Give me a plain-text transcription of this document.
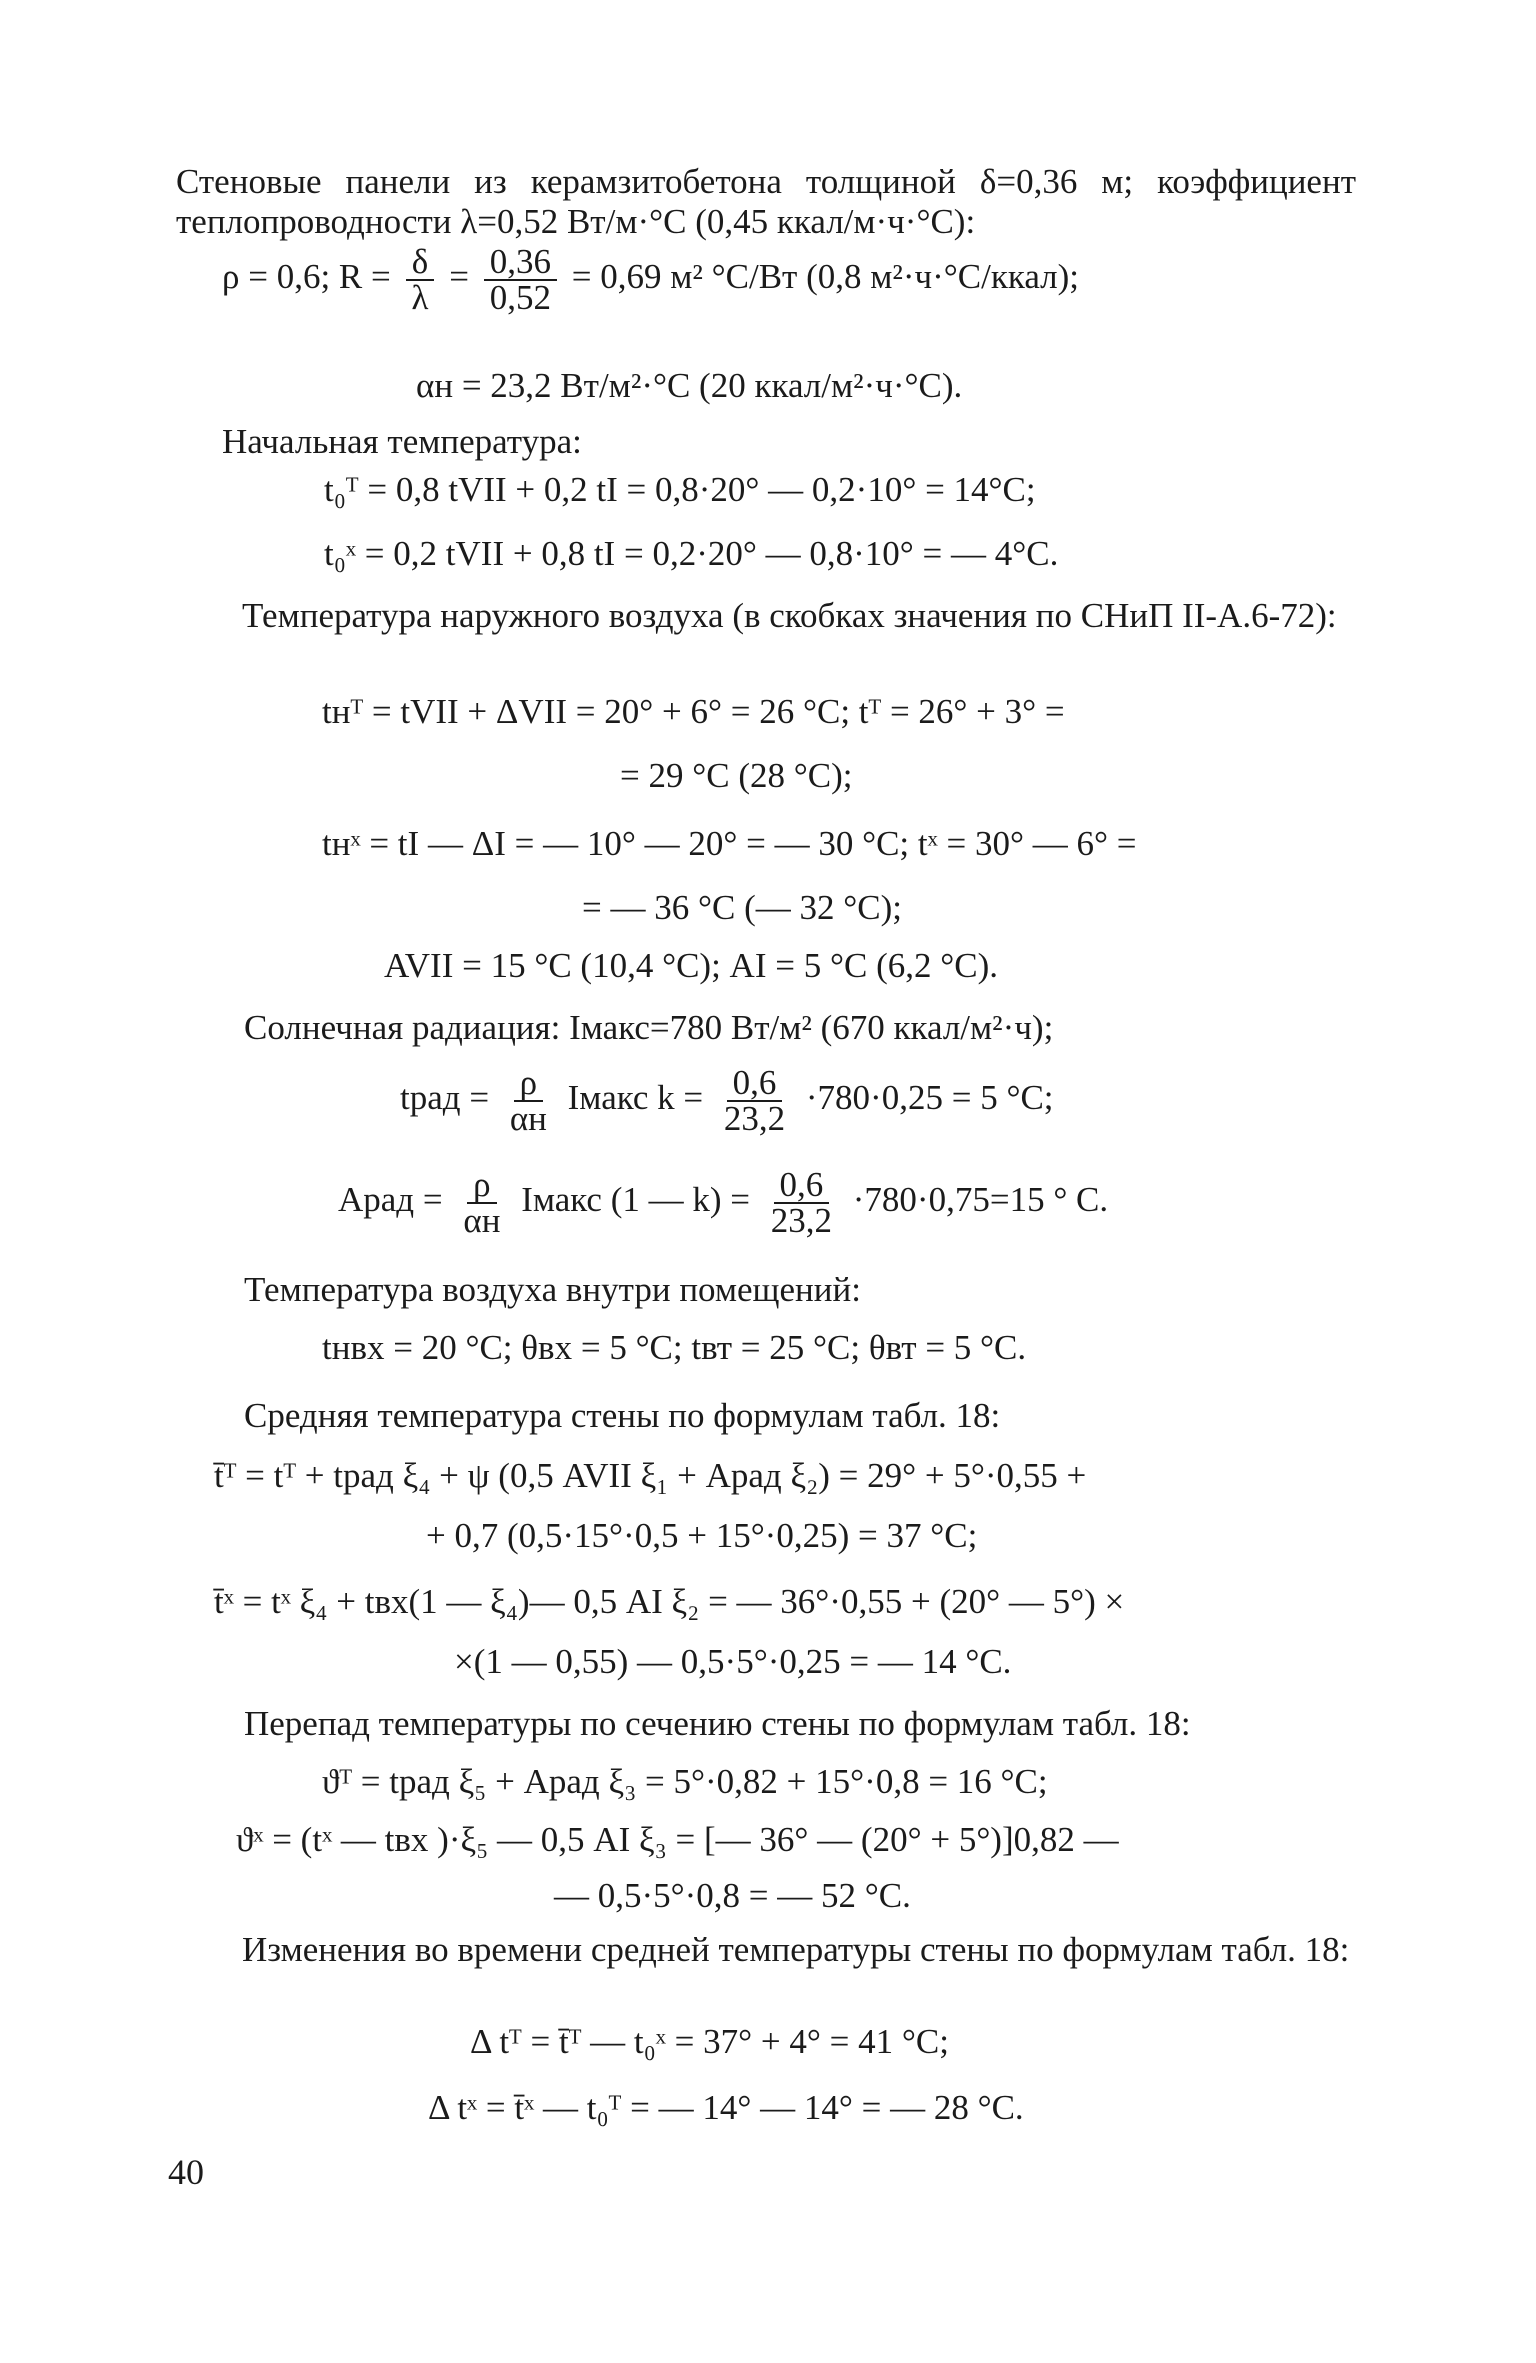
Стеновые панели из керамзитобетона толщиной δ=0,36 м; коэффициент теплопроводности λ=0,52 Вт/м·°С (0,45 ккал/м·ч·°С):

ρ = 0,6; $R = \frac{\delta}{\lambda} = \frac{0,36}{0,52} = 0,69$ м² °С/Вт (0,8 м²·ч·°С/ккал);
αн = 23,2 Вт/м²·°С (20 ккал/м²·ч·°С).
Начальная температура:
t₀ᵀ = 0,8 tVII + 0,2 tI = 0,8·20° — 0,2·10° = 14°С;
t₀ˣ = 0,2 tVII + 0,8 tI = 0,2·20° — 0,8·10° = — 4°С.

Температура наружного воздуха (в скобках значения по СНиП II-А.6-72):

tнᵀ = tVII + ΔVII = 20° + 6° = 26 °С; tᵀ = 26° + 3° =
= 29 °С (28 °С);
tнˣ = tI — ΔI = — 10° — 20° = — 30 °С; tˣ = 30° — 6° =
= — 36 °С (— 32 °С);
AVII = 15 °С (10,4 °С); AI = 5 °С (6,2 °С).
Солнечная радиация: Iмакс=780 Вт/м² (670 ккал/м²·ч);
tрад = $\frac{\rho}{\alpha н}$ Iмакс $k = \frac{0,6}{23,2} \cdot 780\cdot 0,25 = 5$ °С;
Aрад = $\frac{\rho}{\alpha н}$ Iмакс (1 — $k) = \frac{0,6}{23,2} \cdot 780\cdot 0,75=15$ ° С.
Температура воздуха внутри помещений:
tнвх = 20 °С; θвх = 5 °С; tвт = 25 °С; θвт = 5 °С.
Средняя температура стены по формулам табл. 18:
t̄ᵀ = tᵀ + tрад ξ₄ + ψ (0,5 AVII ξ₁ + Aрад ξ₂) = 29° + 5°·0,55 +
+ 0,7 (0,5·15°·0,5 + 15°·0,25) = 37 °С;
t̄ˣ = tˣ ξ₄ + tвх(1 — ξ₄)— 0,5 AI ξ₂ = — 36°·0,55 + (20° — 5°) ×
×(1 — 0,55) — 0,5·5°·0,25 = — 14 °С.
Перепад температуры по сечению стены по формулам табл. 18:
ϑᵀ = tрад ξ₅ + Aрад ξ₃ = 5°·0,82 + 15°·0,8 = 16 °С;
ϑˣ = (tˣ — tвх )·ξ₅ — 0,5 AI ξ₃ = [— 36° — (20° + 5°)]0,82 —
— 0,5·5°·0,8 = — 52 °С.

Изменения во времени средней температуры стены по формулам табл. 18:

Δ tᵀ = t̄ᵀ — t₀ˣ = 37° + 4° = 41 °С;
Δ tˣ = t̄ˣ — t₀ᵀ = — 14° — 14° = — 28 °С.
40
